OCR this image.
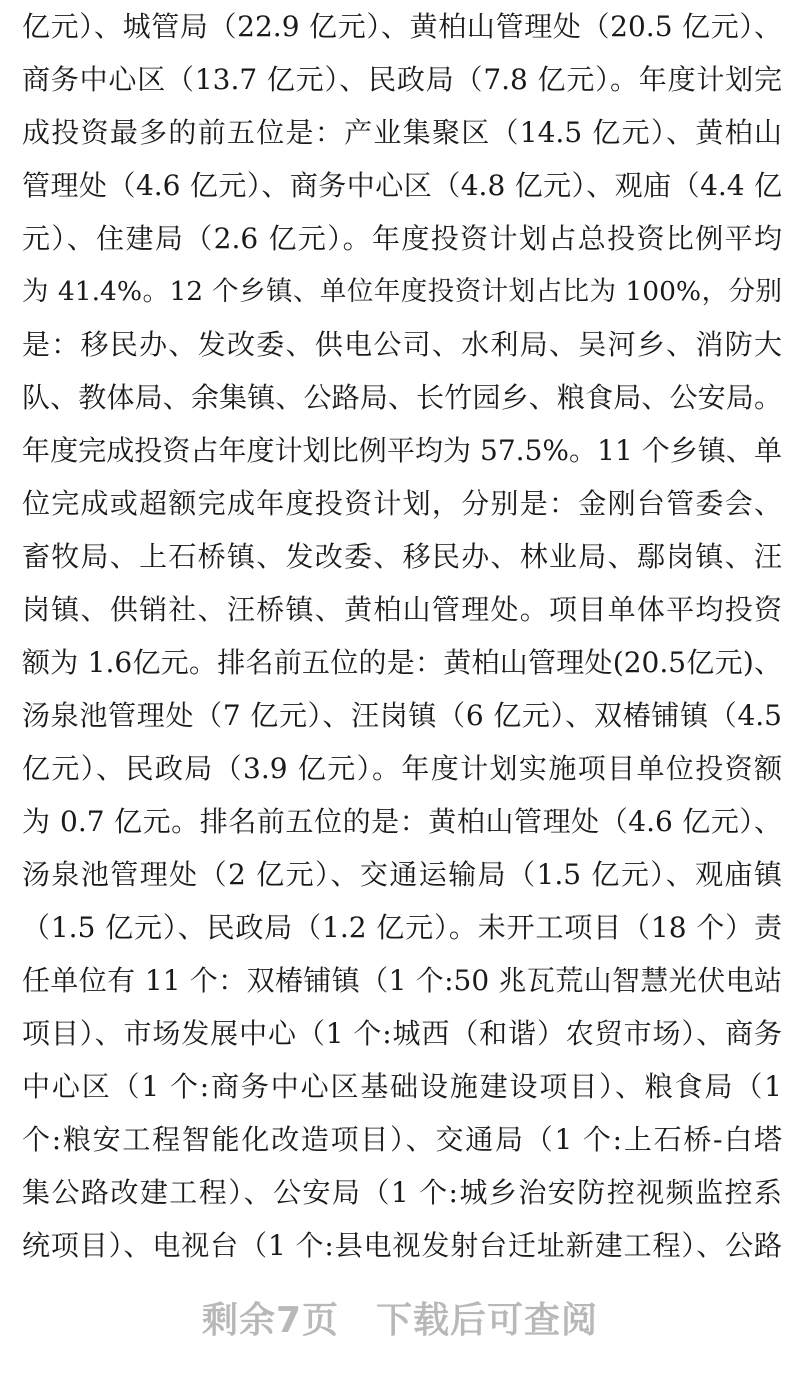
亿元）、城管局（22.9 亿元）、黄柏山管理处（20.5 亿元）、
商务中心区（13.7 亿元）、民政局（7.8 亿元）。年度计划完
成投资最多的前五位是：产业集聚区（14.5 亿元）、黄柏山
管理处（4.6 亿元）、商务中心区（4.8 亿元）、观庙（4.4 亿
元）、住建局（2.6 亿元）。年度投资计划占总投资比例平均
为 41.4%。12 个乡镇、单位年度投资计划占比为 100%，分别
是：移民办、发改委、供电公司、水利局、吴河乡、消防大
队、教体局、余集镇、公路局、长竹园乡、粮食局、公安局。
年度完成投资占年度计划比例平均为 57.5%。11 个乡镇、单
位完成或超额完成年度投资计划，分别是：金刚台管委会、
畜牧局、上石桥镇、发改委、移民办、林业局、鄢岗镇、汪
岗镇、供销社、汪桥镇、黄柏山管理处。项目单体平均投资
额为 1.6亿元。排名前五位的是：黄柏山管理处(20.5亿元)、
汤泉池管理处（7 亿元）、汪岗镇（6 亿元）、双椿铺镇（4.5
亿元）、民政局（3.9 亿元）。年度计划实施项目单位投资额
为 0.7 亿元。排名前五位的是：黄柏山管理处（4.6 亿元）、
汤泉池管理处（2 亿元）、交通运输局（1.5 亿元）、观庙镇
（1.5 亿元）、民政局（1.2 亿元）。未开工项目（18 个）责
任单位有 11 个：双椿铺镇（1 个:50 兆瓦荒山智慧光伏电站
项目）、市场发展中心（1 个:城西（和谐）农贸市场）、商务
中心区（1 个:商务中心区基础设施建设项目）、粮食局（1
个:粮安工程智能化改造项目）、交通局（1 个:上石桥-白塔
集公路改建工程）、公安局（1 个:城乡治安防控视频监控系
统项目）、电视台（1 个:县电视发射台迁址新建工程）、公路
剩余7页　下载后可查阅
